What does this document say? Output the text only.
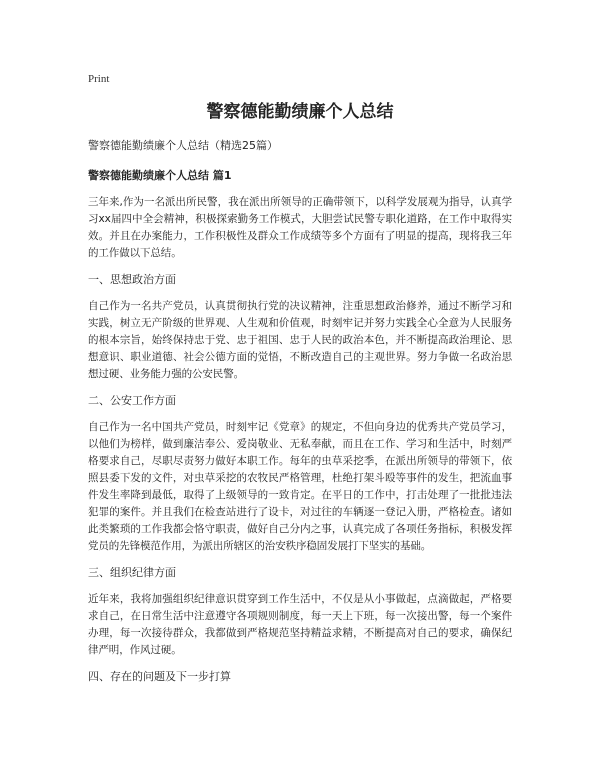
Print
警察德能勤绩廉个人总结
警察德能勤绩廉个人总结（精选25篇）
警察德能勤绩廉个人总结 篇1
三年来,作为一名派出所民警，我在派出所领导的正确带领下，以科学发展观为指导，认真学习xx届四中全会精神，积极探索勤务工作模式，大胆尝试民警专职化道路，在工作中取得实效。并且在办案能力，工作积极性及群众工作成绩等多个方面有了明显的提高，现将我三年的工作做以下总结。
一、思想政治方面
自己作为一名共产党员，认真贯彻执行党的决议精神，注重思想政治修养，通过不断学习和实践，树立无产阶级的世界观、人生观和价值观，时刻牢记并努力实践全心全意为人民服务的根本宗旨，始终保持忠于党、忠于祖国、忠于人民的政治本色，并不断提高政治理论、思想意识、职业道德、社会公德方面的觉悟，不断改造自己的主观世界。努力争做一名政治思想过硬、业务能力强的公安民警。
二、公安工作方面
自己作为一名中国共产党员，时刻牢记《党章》的规定，不但向身边的优秀共产党员学习，以他们为榜样，做到廉洁奉公、爱岗敬业、无私奉献，而且在工作、学习和生活中，时刻严格要求自己，尽职尽责努力做好本职工作。每年的虫草采挖季，在派出所领导的带领下，依照县委下发的文件，对虫草采挖的农牧民严格管理，杜绝打架斗殴等事件的发生，把流血事件发生率降到最低，取得了上级领导的一致肯定。在平日的工作中，打击处理了一批批违法犯罪的案件。并且我们在检查站进行了设卡，对过往的车辆逐一登记入册，严格检查。诸如此类繁琐的工作我都会恪守职责，做好自己分内之事，认真完成了各项任务指标，积极发挥党员的先锋模范作用，为派出所辖区的治安秩序稳固发展打下坚实的基础。
三、组织纪律方面
近年来，我将加强组织纪律意识贯穿到工作生活中，不仅是从小事做起，点滴做起，严格要求自己，在日常生活中注意遵守各项规则制度，每一天上下班，每一次接出警，每一个案件办理，每一次接待群众，我都做到严格规范坚持精益求精，不断提高对自己的要求，确保纪律严明，作风过硬。
四、存在的问题及下一步打算
